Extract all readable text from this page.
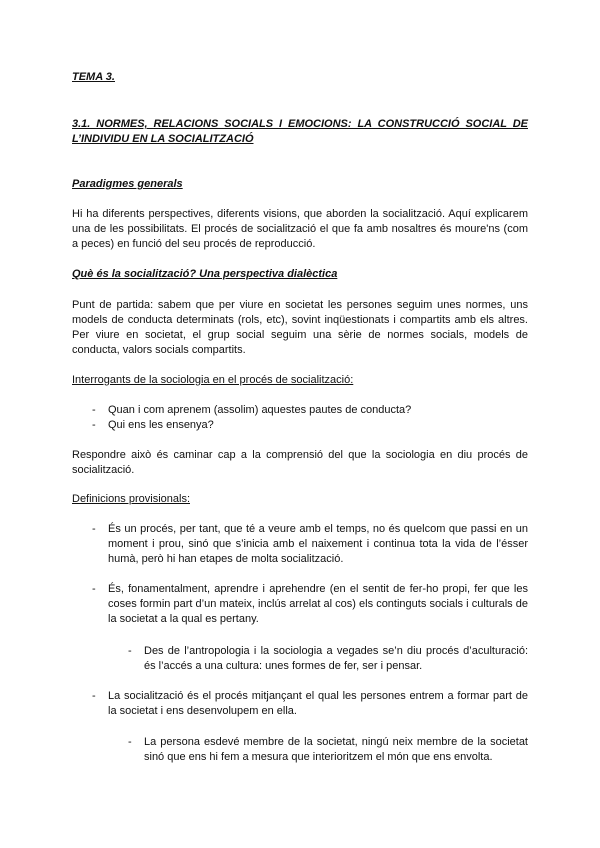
TEMA 3.
3.1. NORMES, RELACIONS SOCIALS I EMOCIONS: LA CONSTRUCCIÓ SOCIAL DE L’INDIVIDU EN LA SOCIALITZACIÓ
Paradigmes generals

Hi ha diferents perspectives, diferents visions, que aborden la socialització. Aquí explicarem una de les possibilitats. El procés de socialització el que fa amb nosaltres és moure'ns (com a peces) en funció del seu procés de reproducció.

Què és la socialització? Una perspectiva dialèctica

Punt de partida: sabem que per viure en societat les persones seguim unes normes, uns models de conducta determinats (rols, etc), sovint inqüestionats i compartits amb els altres. Per viure en societat, el grup social seguim una sèrie de normes socials, models de conducta, valors socials compartits.

Interrogants de la sociologia en el procés de socialització:
- Quan i com aprenem (assolim) aquestes pautes de conducta?
- Qui ens les ensenya?

Respondre això és caminar cap a la comprensió del que la sociologia en diu procés de socialització.

Definicions provisionals:
- És un procés, per tant, que té a veure amb el temps, no és quelcom que passi en un moment i prou, sinó que s’inicia amb el naixement i continua tota la vida de l’ésser humà, però hi han etapes de molta socialització.
- És, fonamentalment, aprendre i aprehendre (en el sentit de fer-ho propi, fer que les coses formin part d’un mateix, inclús arrelat al cos) els continguts socials i culturals de la societat a la qual es pertany.
- Des de l’antropologia i la sociologia a vegades se’n diu procés d’aculturació: és l’accés a una cultura: unes formes de fer, ser i pensar.
- La socialització és el procés mitjançant el qual les persones entrem a formar part de la societat i ens desenvolupem en ella.
- La persona esdevé membre de la societat, ningú neix membre de la societat sinó que ens hi fem a mesura que interioritzem el món que ens envolta.
